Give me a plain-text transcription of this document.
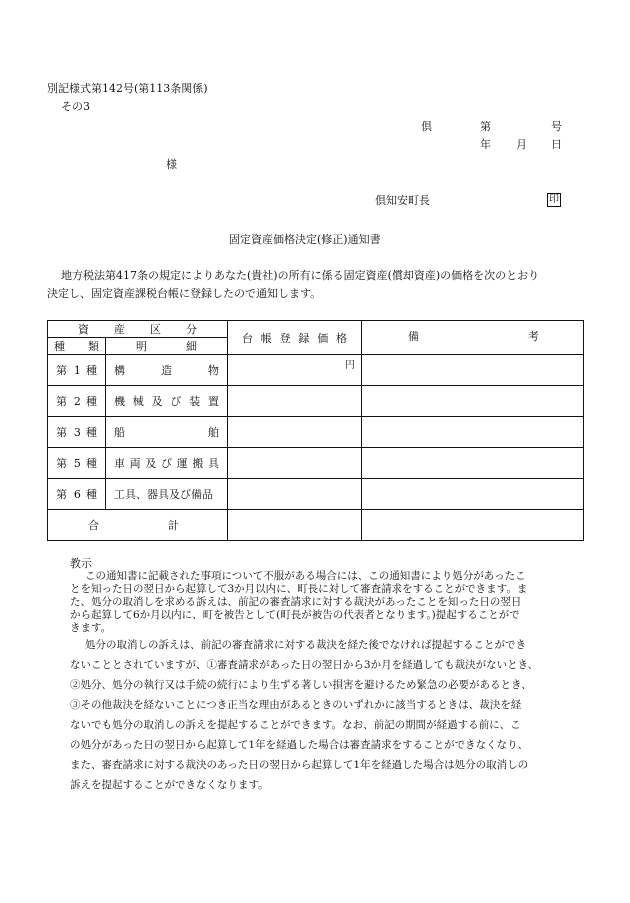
別記様式第142号(第113条関係)
その3
倶	第	号
年 月 日
様
倶知安町長	印
固定資産価格決定(修正)通知書
地方税法第417条の規定によりあなた(貴社)の所有に係る固定資産(償却資産)の価格を次のとおり
決定し、固定資産課税台帳に登録したので通知します。
資 産 区 分		台 帳 登 録 価 格	備 考

種 類	明 細		

第 1 種	構 造 物	円	

第 2 種	機械及び装置		
第 3 種	船 舶		
第 5 種	車両及び運搬具		
第 6 種	工具、器具及び備品		

合 計			

教示
この通知書に記載された事項について不服がある場合には、この通知書により処分があったこ
とを知った日の翌日から起算して3か月以内に、町長に対して審査請求をすることができます。ま
た、処分の取消しを求める訴えは、前記の審査請求に対する裁決があったことを知った日の翌日
から起算して6か月以内に、町を被告として(町長が被告の代表者となります。)提起することがで
きます。
処分の取消しの訴えは、前記の審査請求に対する裁決を経た後でなければ提起することができ
ないこととされていますが、①審査請求があった日の翌日から3か月を経過しても裁決がないとき、
②処分、処分の執行又は手続の続行により生ずる著しい損害を避けるため緊急の必要があるとき、
③その他裁決を経ないことにつき正当な理由があるときのいずれかに該当するときは、裁決を経
ないでも処分の取消しの訴えを提起することができます。なお、前記の期間が経過する前に、こ
の処分があった日の翌日から起算して1年を経過した場合は審査請求をすることができなくなり、
また、審査請求に対する裁決のあった日の翌日から起算して1年を経過した場合は処分の取消しの
訴えを提起することができなくなります。
